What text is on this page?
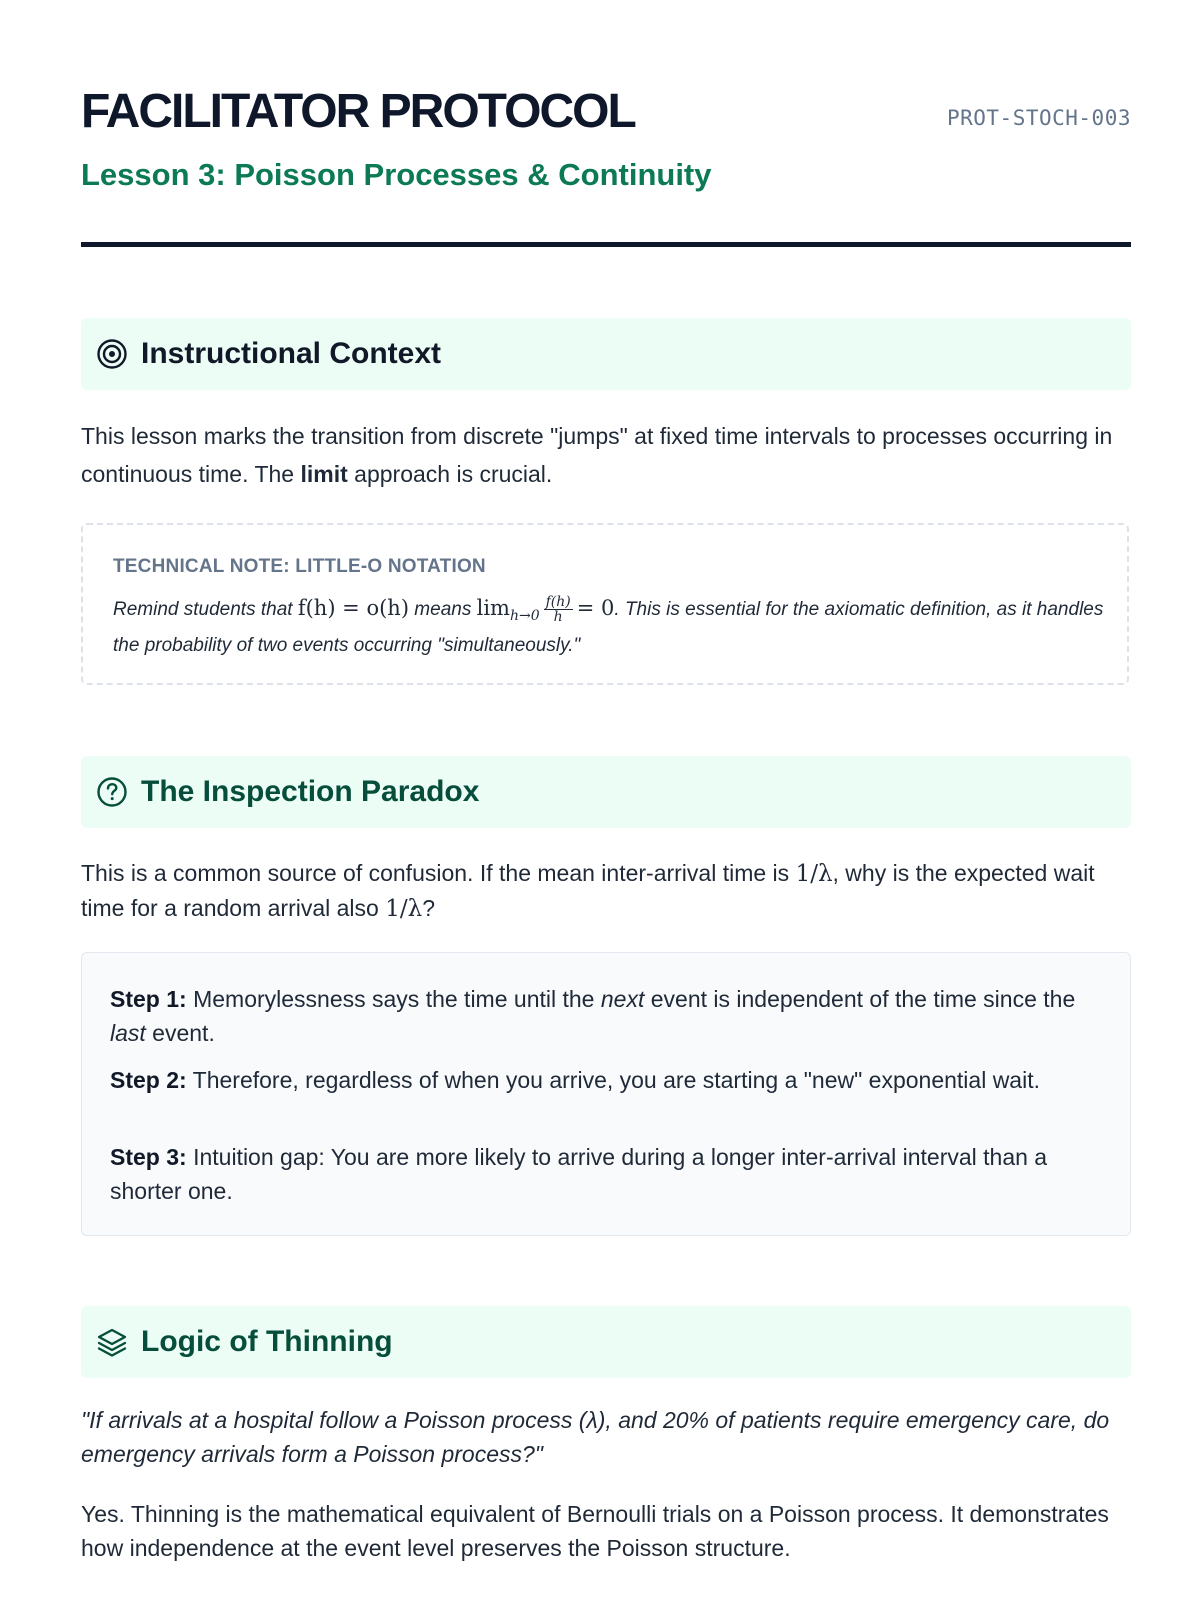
FACILITATOR PROTOCOL	PROT-STOCH-003
Lesson 3: Poisson Processes & Continuity
Instructional Context

This lesson marks the transition from discrete "jumps" at fixed time intervals to processes occurring in continuous time. The limit approach is crucial.

TECHNICAL NOTE: LITTLE-O NOTATION
Remind students that f(h) = o(h) means $\lim_{h\to 0} \frac{f(h)}{h} = 0$. This is essential for the axiomatic definition, as it handles the probability of two events occurring "simultaneously."
The Inspection Paradox

This is a common source of confusion. If the mean inter-arrival time is 1/λ, why is the expected wait time for a random arrival also 1/λ?

Step 1: Memorylessness says the time until the next event is independent of the time since the last event.

Step 2: Therefore, regardless of when you arrive, you are starting a "new" exponential wait.

Step 3: Intuition gap: You are more likely to arrive during a longer inter-arrival interval than a shorter one.

Logic of Thinning

"If arrivals at a hospital follow a Poisson process (λ), and 20% of patients require emergency care, do emergency arrivals form a Poisson process?"

Yes. Thinning is the mathematical equivalent of Bernoulli trials on a Poisson process. It demonstrates how independence at the event level preserves the Poisson structure.
